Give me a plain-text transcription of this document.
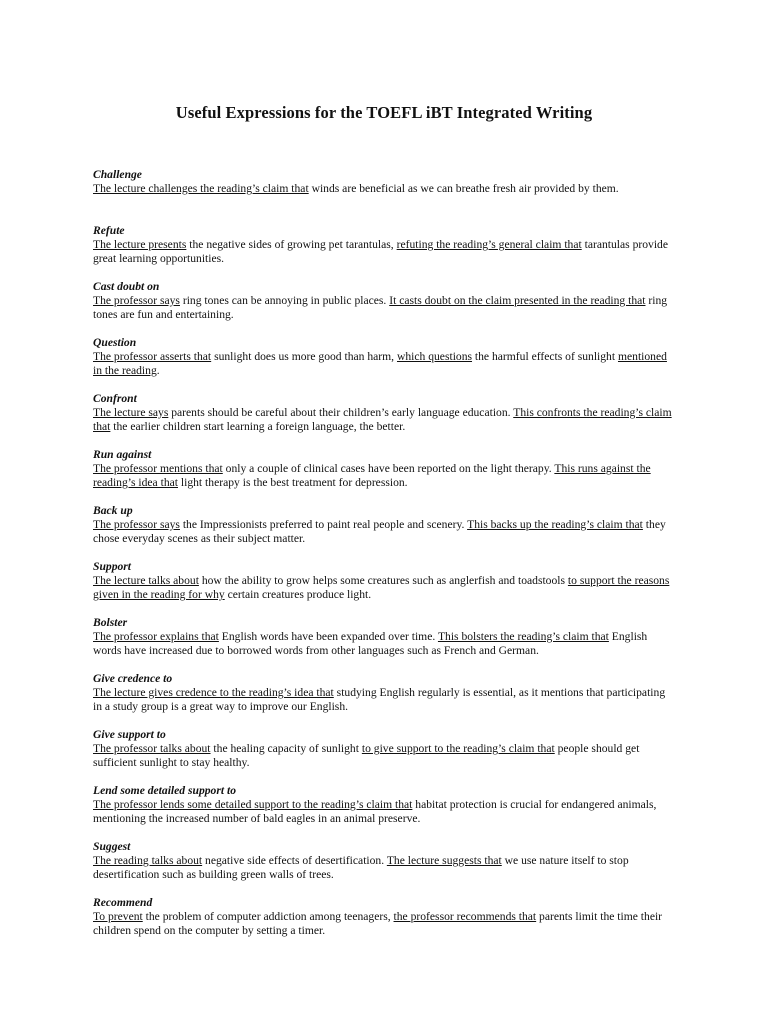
Useful Expressions for the TOEFL iBT Integrated Writing
Challenge
The lecture challenges the reading’s claim that winds are beneficial as we can breathe fresh air provided by them.
Refute
The lecture presents the negative sides of growing pet tarantulas, refuting the reading’s general claim that tarantulas provide great learning opportunities.
Cast doubt on
The professor says ring tones can be annoying in public places. It casts doubt on the claim presented in the reading that ring tones are fun and entertaining.
Question
The professor asserts that sunlight does us more good than harm, which questions the harmful effects of sunlight mentioned in the reading.
Confront
The lecture says parents should be careful about their children’s early language education. This confronts the reading’s claim that the earlier children start learning a foreign language, the better.
Run against
The professor mentions that only a couple of clinical cases have been reported on the light therapy. This runs against the reading’s idea that light therapy is the best treatment for depression.
Back up
The professor says the Impressionists preferred to paint real people and scenery. This backs up the reading’s claim that they chose everyday scenes as their subject matter.
Support
The lecture talks about how the ability to grow helps some creatures such as anglerfish and toadstools to support the reasons given in the reading for why certain creatures produce light.
Bolster
The professor explains that English words have been expanded over time. This bolsters the reading’s claim that English words have increased due to borrowed words from other languages such as French and German.
Give credence to
The lecture gives credence to the reading’s idea that studying English regularly is essential, as it mentions that participating in a study group is a great way to improve our English.
Give support to
The professor talks about the healing capacity of sunlight to give support to the reading’s claim that people should get sufficient sunlight to stay healthy.
Lend some detailed support to
The professor lends some detailed support to the reading’s claim that habitat protection is crucial for endangered animals, mentioning the increased number of bald eagles in an animal preserve.
Suggest
The reading talks about negative side effects of desertification. The lecture suggests that we use nature itself to stop desertification such as building green walls of trees.
Recommend
To prevent the problem of computer addiction among teenagers, the professor recommends that parents limit the time their children spend on the computer by setting a timer.
